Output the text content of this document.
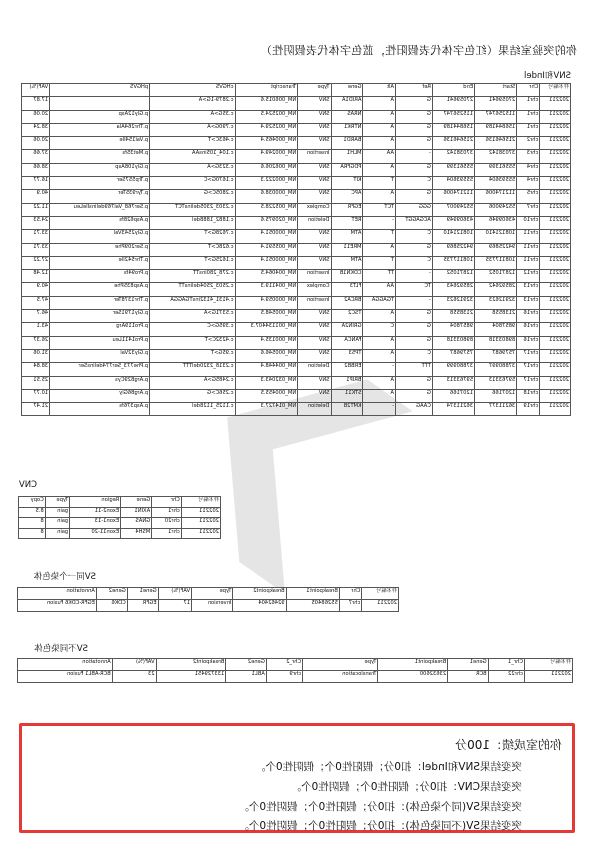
你的突验室结果（红色字体代表假阳性，蓝色字体代表假阴性）
SNV和Indel
样本编号	Chr	Start	End	Ref	Alt	Gene	Type	Transcript	cHGVS	pHGVS	VAF(%)
202211	chr1	27059641	27059641	G	A	ARID1A	SNV	NM_006015.6	c.2879-1G>A		17.87
202211	chr1	115256747	115256747	G	A	NRAS	SNV	NM_002524.5	c.35G>A	p.Gly12Asp	20.06
202211	chr1	156844189	156844189	G	A	NTRK1	SNV	NM_002529.4	c.790G>A	p.Thr264Ala	38.24
202211	chr2	215646136	215646136	G	A	BARD1	SNV	NM_000465.4	c.463C>T	p.Val154Ile	20.06
202211	chr3	37038142	37038142	-	AA	MLH1	Insertion	NM_000249.4	c.104_105insAA	p.Met35fs	37.66
202211	chr4	55561399	55561399	G	A	PDGFRA	SNV	NM_006206.6	c.323G>A	p.Gly108Asp	38.66
202211	chr4	55593604	55593604	C	T	KIT	SNV	NM_000222.3	c.1670G>C	p.Trp557Ser	16.77
202211	chr5	112174006	112174006	G	A	APC	SNV	NM_000038.6	c.2805C>G	p.Tyr935Ter	40.9
202211	chr7	55249006	55249007	GGG	TCT	EGFR	Complex	NM_005228.5	c.2303_2305delinsTCT	p.Ser768_Val769delinsIleLeu	11.22
202211	chr10	43609946	43609949	ACGAGGT	-	RET	Deletion	NM_020975.6	c.1882_1888del	p.Asp628fs	24.53
202211	chr11	108121410	108121410	C	T	ATM	SNV	NM_000051.4	c.7628G>T	p.Gly2543Val	33.71
202211	chr11	94225869	94225869	G	A	MRE11	SNV	NM_005591.4	c.628C>T	p.Ser209Phe	33.71
202211	chr11	108117735	108117735	C	T	ATM	SNV	NM_000051.4	c.1625G>T	p.Thr542Ile	27.22
202211	chr12	12871052	12871052	-	TT	CDKN1B	Insertion	NM_004064.5	c.278_280insTT	p.Pro94fs	12.48
202211	chr13	28592642	28592643	TC	AA	FLT3	Complex	NM_004119.3	c.2503_2504delinsTT	p.Asp835Phe	40.9
202211	chr13	32912623	32912623	-	TGAGGA	BRCA2	Insertion	NM_000059.4	c.4131_4132insTGAGGA	p.Thr1378Ter	47.5
202211	chr16	2138558	2138558	G	A	TSC2	SNV	NM_000548.5	c.5371G>A	p.Gly1791Ser	46.7
202211	chr16	9857804	9857804	G	C	GRIN2A	SNV	NM_001134407.3	c.395G>C	p.Pro119Arg	43.1
202211	chr16	89803318	89803318	G	A	FANCA	SNV	NM_000135.4	c.4232C>T	p.Pro1411Leu	26.37
202211	chr17	7579687	7579687	C	A	TP53	SNV	NM_000546.6	c.95G>T	p.Gly32Val	31.06
202211	chr17	37880997	37880999	TTT	-	ERBB2	Deletion	NM_004448.4	c.2318_2320delTTT	p.Phe773_Ser774delinsSer	38.84
202211	chr17	59763313	59763313	G	A	BRIP1	SNV	NM_032043.3	c.2485G>A	p.Arg829Cys	25.51
202211	chr18	1207166	1207166	G	A	STK11	SNV	NM_000455.5	c.256C>G	p.Arg86Gly	10.77
202211	chr19	36211377	36211374	CAAG	-	KMT2B	Deletion	NM_014727.3	c.1125_1128del	p.Asp376fs	21.47
CNV
样本编号	Chr	Gene	Region	Type	Copy
202211	chr1	AXIN1	Exon2-11	gain	8.5
202211	chr20	GNAS	Exon1-13	gain	8
202211	chr1	MSH4	Exon11-20	gain	8
SV同一个染色体
样本编号	Chr	Breakpoint1	Breakpoint2	Type	VAF(%)	Gene1	Gene2	Annotation
202211	chr7	55268405	92462404	Inversion	17	EGFR	CDK6	EGFR-CDK6 Fusion
SV不同染色体
样本编号	Chr_1	Gene1	Breakpoint1	Type	Chr_2	Gene2	Breakpoint2	VAF(%)	Annotation
202211	chr22	BCR	23632600	Translocation	chr9	ABL1	133729451	23	BCR-ABL1 Fusion
你的室成绩：100分
突变结果SNV和Indel：扣0分；假阳性0个；假阴性0个。
突变结果CNV：扣0分；假阳性0个；假阴性0个。
突变结果SV(同个染色体)：扣0分；假阳性0个；假阴性0个。
突变结果SV(不同染色体)：扣0分；假阳性0个；假阴性0个。
